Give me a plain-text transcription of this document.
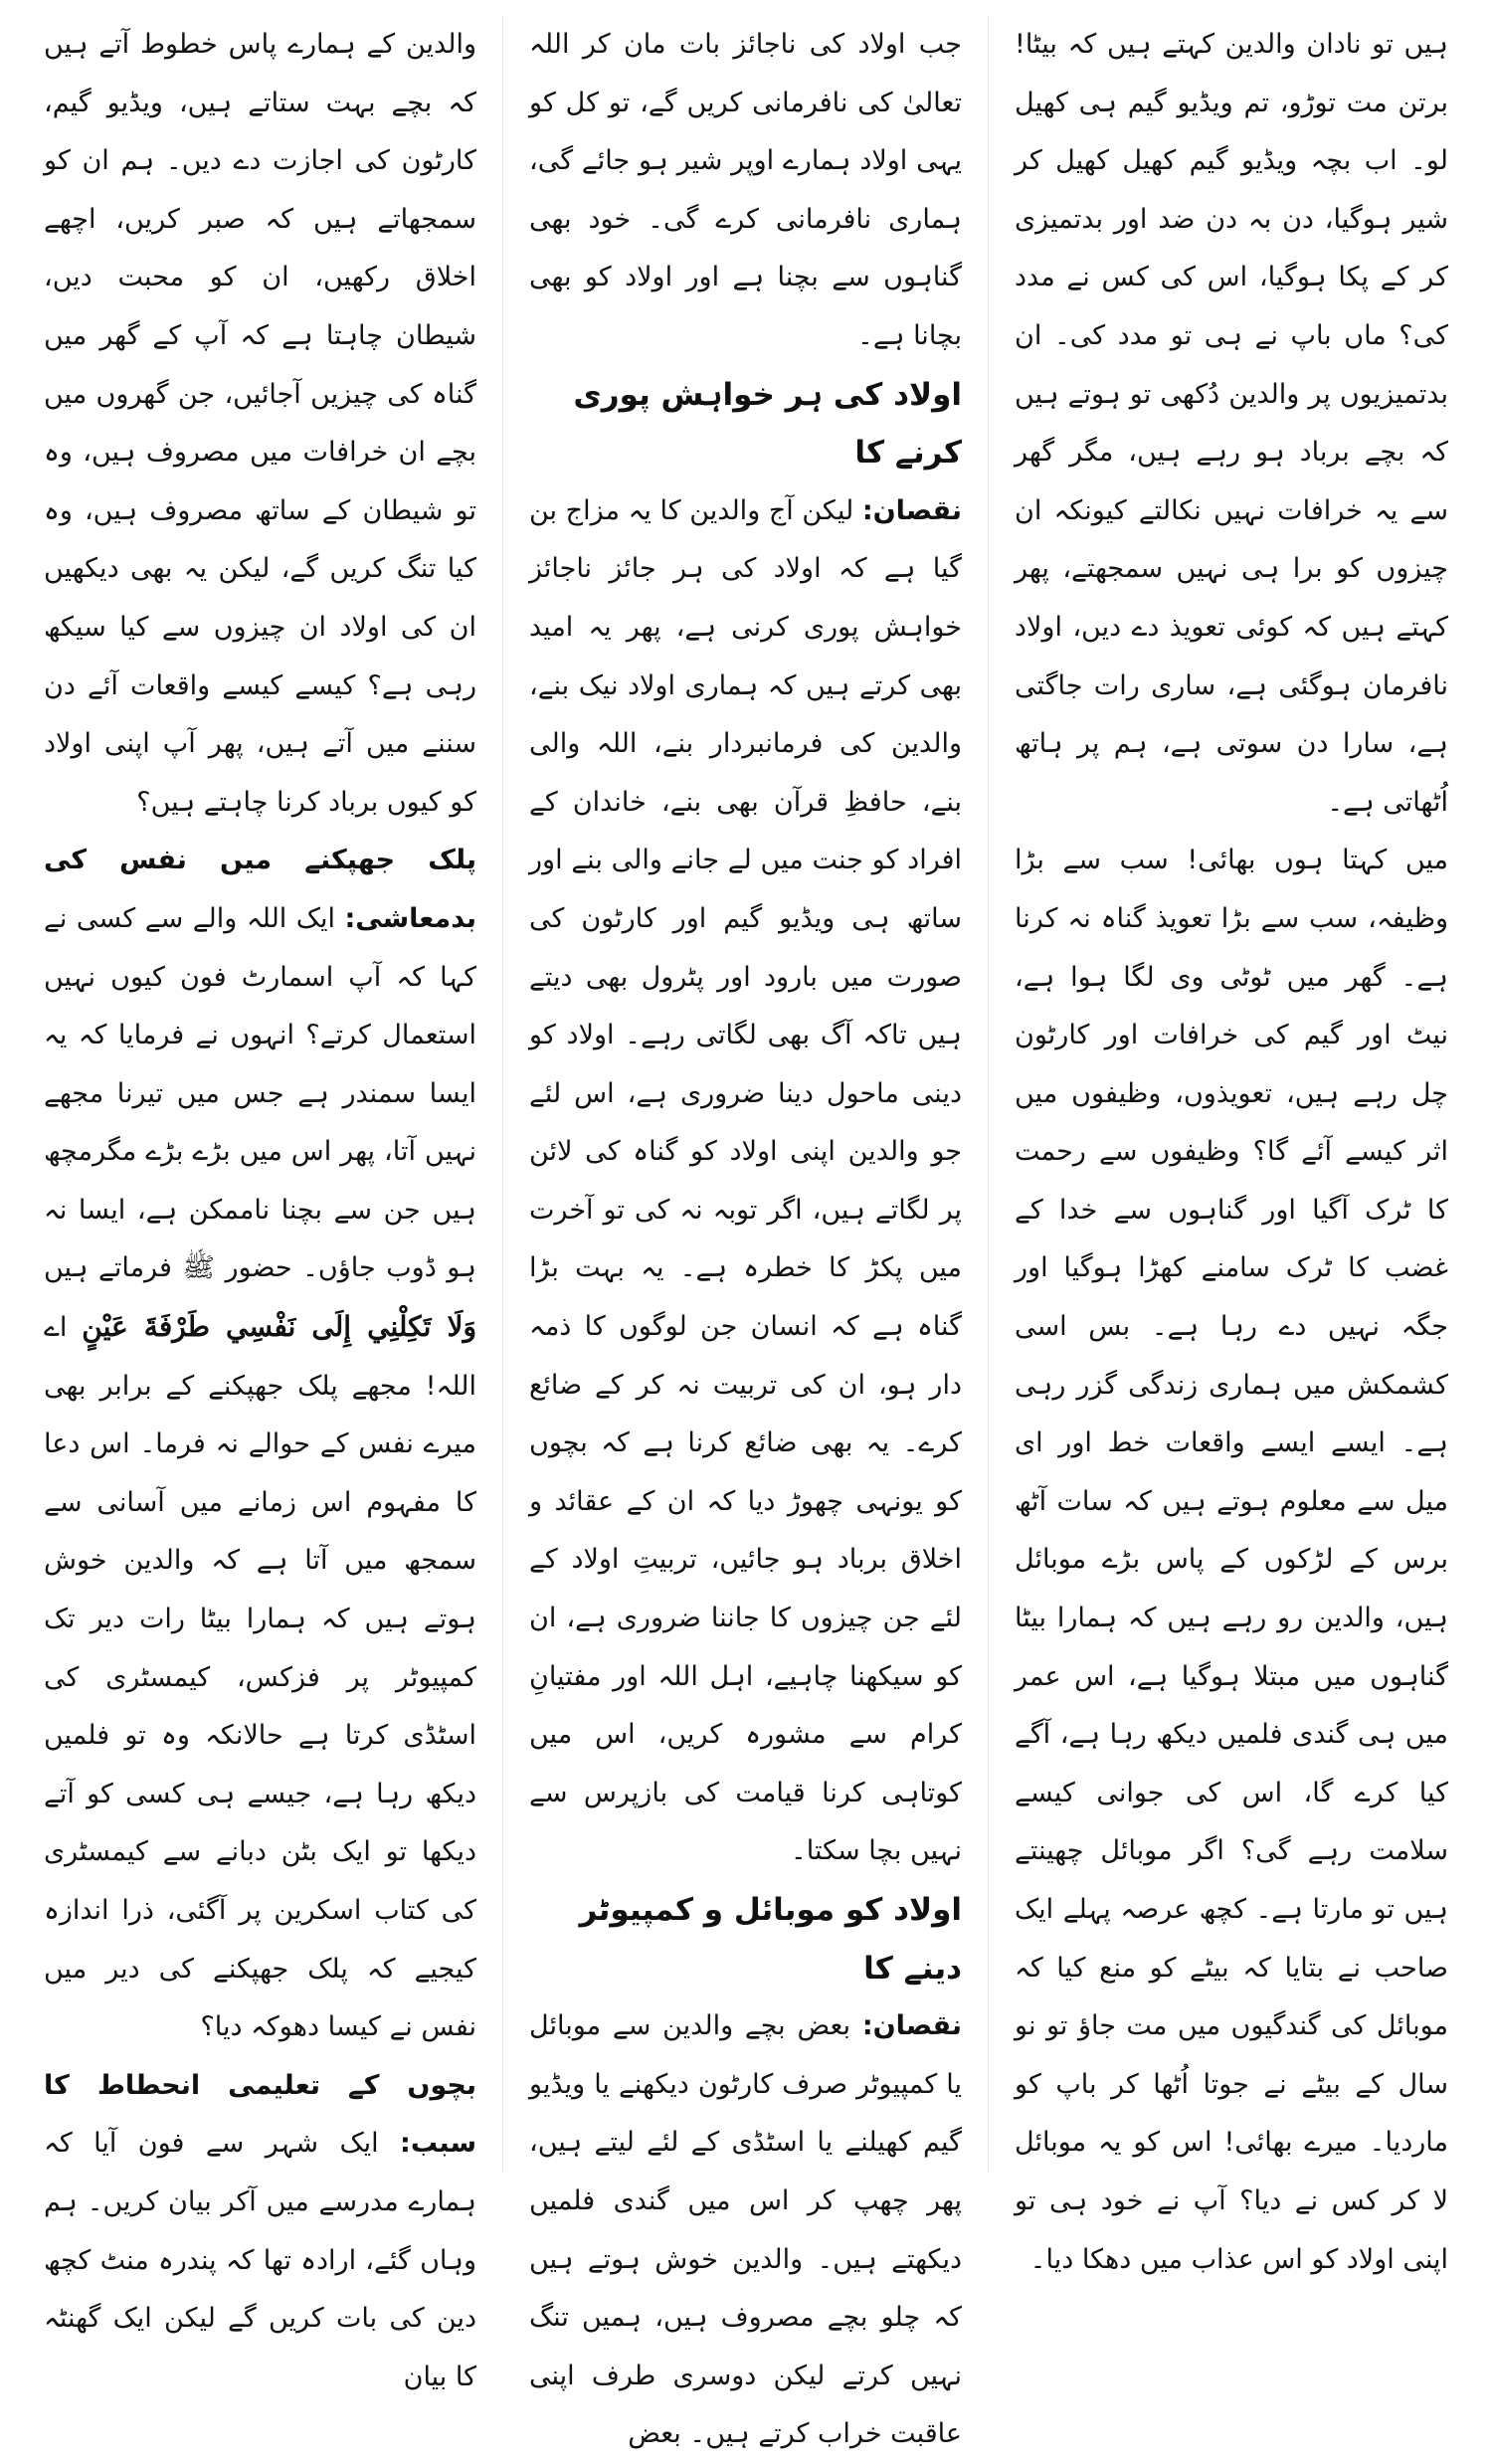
ہیں تو نادان والدین کہتے ہیں کہ بیٹا! برتن مت توڑو، تم ویڈیو گیم ہی کھیل لو۔ اب بچہ ویڈیو گیم کھیل کھیل کر شیر ہوگیا، دن بہ دن ضد اور بدتمیزی کر کے پکا ہوگیا، اس کی کس نے مدد کی؟ ماں باپ نے ہی تو مدد کی۔ ان بدتمیزیوں پر والدین دُکھی تو ہوتے ہیں کہ بچے برباد ہو رہے ہیں، مگر گھر سے یہ خرافات نہیں نکالتے کیونکہ ان چیزوں کو برا ہی نہیں سمجھتے، پھر کہتے ہیں کہ کوئی تعویذ دے دیں، اولاد نافرمان ہوگئی ہے، ساری رات جاگتی ہے، سارا دن سوتی ہے، ہم پر ہاتھ اُٹھاتی ہے۔

میں کہتا ہوں بھائی! سب سے بڑا وظیفہ، سب سے بڑا تعویذ گناہ نہ کرنا ہے۔ گھر میں ٹوٹی وی لگا ہوا ہے، نیٹ اور گیم کی خرافات اور کارٹون چل رہے ہیں، تعویذوں، وظیفوں میں اثر کیسے آئے گا؟ وظیفوں سے رحمت کا ٹرک آگیا اور گناہوں سے خدا کے غضب کا ٹرک سامنے کھڑا ہوگیا اور جگہ نہیں دے رہا ہے۔ بس اسی کشمکش میں ہماری زندگی گزر رہی ہے۔ ایسے ایسے واقعات خط اور ای میل سے معلوم ہوتے ہیں کہ سات آٹھ برس کے لڑکوں کے پاس بڑے موبائل ہیں، والدین رو رہے ہیں کہ ہمارا بیٹا گناہوں میں مبتلا ہوگیا ہے، اس عمر میں ہی گندی فلمیں دیکھ رہا ہے، آگے کیا کرے گا، اس کی جوانی کیسے سلامت رہے گی؟ اگر موبائل چھینتے ہیں تو مارتا ہے۔ کچھ عرصہ پہلے ایک صاحب نے بتایا کہ بیٹے کو منع کیا کہ موبائل کی گندگیوں میں مت جاؤ تو نو سال کے بیٹے نے جوتا اُٹھا کر باپ کو ماردیا۔ میرے بھائی! اس کو یہ موبائل لا کر کس نے دیا؟ آپ نے خود ہی تو اپنی اولاد کو اس عذاب میں دھکا دیا۔

جب اولاد کی ناجائز بات مان کر اللہ تعالیٰ کی نافرمانی کریں گے، تو کل کو یہی اولاد ہمارے اوپر شیر ہو جائے گی، ہماری نافرمانی کرے گی۔ خود بھی گناہوں سے بچنا ہے اور اولاد کو بھی بچانا ہے۔

اولاد کی ہر خواہش پوری کرنے کا

نقصان: لیکن آج والدین کا یہ مزاج بن گیا ہے کہ اولاد کی ہر جائز ناجائز خواہش پوری کرنی ہے، پھر یہ امید بھی کرتے ہیں کہ ہماری اولاد نیک بنے، والدین کی فرمانبردار بنے، اللہ والی بنے، حافظِ قرآن بھی بنے، خاندان کے افراد کو جنت میں لے جانے والی بنے اور ساتھ ہی ویڈیو گیم اور کارٹون کی صورت میں بارود اور پٹرول بھی دیتے ہیں تاکہ آگ بھی لگاتی رہے۔ اولاد کو دینی ماحول دینا ضروری ہے، اس لئے جو والدین اپنی اولاد کو گناہ کی لائن پر لگاتے ہیں، اگر توبہ نہ کی تو آخرت میں پکڑ کا خطرہ ہے۔ یہ بہت بڑا گناہ ہے کہ انسان جن لوگوں کا ذمہ دار ہو، ان کی تربیت نہ کر کے ضائع کرے۔ یہ بھی ضائع کرنا ہے کہ بچوں کو یونہی چھوڑ دیا کہ ان کے عقائد و اخلاق برباد ہو جائیں، تربیتِ اولاد کے لئے جن چیزوں کا جاننا ضروری ہے، ان کو سیکھنا چاہیے، اہل اللہ اور مفتیانِ کرام سے مشورہ کریں، اس میں کوتاہی کرنا قیامت کی بازپرس سے نہیں بچا سکتا۔

اولاد کو موبائل و کمپیوٹر دینے کا

نقصان: بعض بچے والدین سے موبائل یا کمپیوٹر صرف کارٹون دیکھنے یا ویڈیو گیم کھیلنے یا اسٹڈی کے لئے لیتے ہیں، پھر چھپ کر اس میں گندی فلمیں دیکھتے ہیں۔ والدین خوش ہوتے ہیں کہ چلو بچے مصروف ہیں، ہمیں تنگ نہیں کرتے لیکن دوسری طرف اپنی عاقبت خراب کرتے ہیں۔ بعض

والدین کے ہمارے پاس خطوط آتے ہیں کہ بچے بہت ستاتے ہیں، ویڈیو گیم، کارٹون کی اجازت دے دیں۔ ہم ان کو سمجھاتے ہیں کہ صبر کریں، اچھے اخلاق رکھیں، ان کو محبت دیں، شیطان چاہتا ہے کہ آپ کے گھر میں گناہ کی چیزیں آجائیں، جن گھروں میں بچے ان خرافات میں مصروف ہیں، وہ تو شیطان کے ساتھ مصروف ہیں، وہ کیا تنگ کریں گے، لیکن یہ بھی دیکھیں ان کی اولاد ان چیزوں سے کیا سیکھ رہی ہے؟ کیسے کیسے واقعات آئے دن سننے میں آتے ہیں، پھر آپ اپنی اولاد کو کیوں برباد کرنا چاہتے ہیں؟

پلک جھپکنے میں نفس کی بدمعاشی: ایک اللہ والے سے کسی نے کہا کہ آپ اسمارٹ فون کیوں نہیں استعمال کرتے؟ انہوں نے فرمایا کہ یہ ایسا سمندر ہے جس میں تیرنا مجھے نہیں آتا، پھر اس میں بڑے بڑے مگرمچھ ہیں جن سے بچنا ناممکن ہے، ایسا نہ ہو ڈوب جاؤں۔ حضور ﷺ فرماتے ہیں وَلَا تَكِلْنِي إِلَى نَفْسِي طَرْفَةَ عَيْنٍ اے اللہ! مجھے پلک جھپکنے کے برابر بھی میرے نفس کے حوالے نہ فرما۔ اس دعا کا مفہوم اس زمانے میں آسانی سے سمجھ میں آتا ہے کہ والدین خوش ہوتے ہیں کہ ہمارا بیٹا رات دیر تک کمپیوٹر پر فزکس، کیمسٹری کی اسٹڈی کرتا ہے حالانکہ وہ تو فلمیں دیکھ رہا ہے، جیسے ہی کسی کو آتے دیکھا تو ایک بٹن دبانے سے کیمسٹری کی کتاب اسکرین پر آگئی، ذرا اندازہ کیجیے کہ پلک جھپکنے کی دیر میں نفس نے کیسا دھوکہ دیا؟

بچوں کے تعلیمی انحطاط کا سبب: ایک شہر سے فون آیا کہ ہمارے مدرسے میں آکر بیان کریں۔ ہم وہاں گئے، ارادہ تھا کہ پندرہ منٹ کچھ دین کی بات کریں گے لیکن ایک گھنٹہ کا بیان
